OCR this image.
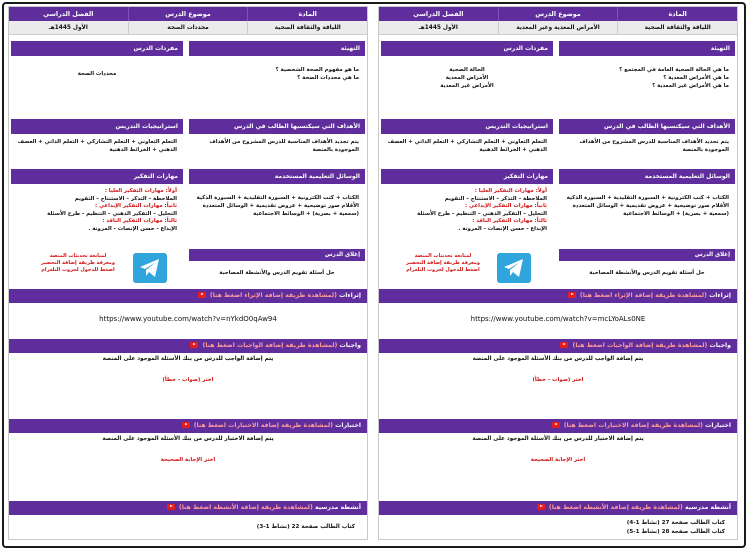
المادة
موضوع الدرس
الفصل الدراسي
اللياقة والثقافة الصحية
الأمراض المعدية وغير المعدية
الأول 1445هـ
التهيئة
ما هي الحالة الصحية العامة في المجتمع ؟
ما هي الأمراض المعدية ؟
ما هي الأمراض غير المعدية ؟
مفردات الدرس
الحالة الصحية
الأمراض المعدية
الأمراض غير المعدية
الأهداف التي سيكتسبها الطالب في الدرس
يتم تحديد الأهداف المناسبة للدرس المشروح من الأهداف الموجودة بالمنصة
استراتيجيات التدريس
التعلم التعاوني + التعلم التشاركي + التعلم الذاتي + العصف الذهني + الخرائط الذهنية
الوسائل التعليمية المستخدمة
الكتاب + كتب الكترونية + السبورة التقليدية + السبورة الذكية
الأقلام صور توضيحية + عروض تقديمية + الوسائل المتعددة
(سمعية + بصرية) + الوسائط الاجتماعية
مهارات التفكير
أولاً: مهارات التفكير العليا :
الملاحظة – التذكر – الاستنتاج – التقويم
ثانياً: مهارات التفكير الإبداعي :
التحليل – التفكير الذهني – التنظيم - طرح الأسئلة
ثالثاً: مهارات التفكير الناقد :
الإبداع - حسن الإنصات - المرونة .
إغلاق الدرس
حل أسئلة تقويم الدرس والأنشطة المصاحبة
لمتابعة تحديثات المنصة
ومعرفة طريقة إضافة التحضير
اضغط للدخول لجروب التلغرام
إثراءات (لمشاهدة طريقة إضافة الإثراء اضغط هنا)
https://www.youtube.com/watch?v=mcLYoALs0NE
واجبات (لمشاهدة طريقة إضافة الواجبات اضغط هنا)
يتم إضافة الواجب للدرس من بنك الأسئلة الموجود على المنصة
اختر (صواب - خطأ)
اختبارات (لمشاهدة طريقة إضافة الاختبارات اضغط هنا)
يتم إضافة الاختبار للدرس من بنك الأسئلة الموجود على المنصة
اختر الإجابة الصحيحة
أنشطة مدرسية (لمشاهدة طريقة إضافة الأنشطة اضغط هنا)
كتاب الطالب صفحة 27 (نشاط 1-4)
كتاب الطالب صفحة 28 (نشاط 1-5)
المادة
موضوع الدرس
الفصل الدراسي
اللياقة والثقافة الصحية
محددات الصحة
الأول 1445هـ
التهيئة
ما هو مفهوم الصحة الشخصية ؟
ما هي محددات الصحة ؟
مفردات الدرس
محددات الصحة
الأهداف التي سيكتسبها الطالب في الدرس
يتم تحديد الأهداف المناسبة للدرس المشروح من الأهداف الموجودة بالمنصة
استراتيجيات التدريس
التعلم التعاوني + التعلم التشاركي + التعلم الذاتي + العصف الذهني + الخرائط الذهنية
الوسائل التعليمية المستخدمة
الكتاب + كتب الكترونية + السبورة التقليدية + السبورة الذكية
الأقلام صور توضيحية + عروض تقديمية + الوسائل المتعددة
(سمعية + بصرية) + الوسائط الاجتماعية
مهارات التفكير
أولاً: مهارات التفكير العليا :
الملاحظة – التذكر – الاستنتاج – التقويم
ثانياً: مهارات التفكير الإبداعي :
التحليل – التفكير الذهني – التنظيم - طرح الأسئلة
ثالثاً: مهارات التفكير الناقد :
الإبداع - حسن الإنصات - المرونة .
إغلاق الدرس
حل أسئلة تقويم الدرس والأنشطة المصاحبة
لمتابعة تحديثات المنصة
ومعرفة طريقة إضافة التحضير
اضغط للدخول لجروب التلغرام
إثراءات (لمشاهدة طريقة إضافة الإثراء اضغط هنا)
https://www.youtube.com/watch?v=nYkdO0qAw94
واجبات (لمشاهدة طريقة إضافة الواجبات اضغط هنا)
يتم إضافة الواجب للدرس من بنك الأسئلة الموجود على المنصة
اختر (صواب - خطأ)
اختبارات (لمشاهدة طريقة إضافة الاختبارات اضغط هنا)
يتم إضافة الاختبار للدرس من بنك الأسئلة الموجود على المنصة
اختر الإجابة الصحيحة
أنشطة مدرسية (لمشاهدة طريقة إضافة الأنشطة اضغط هنا)
كتاب الطالب صفحة 22 (نشاط 1-3)
